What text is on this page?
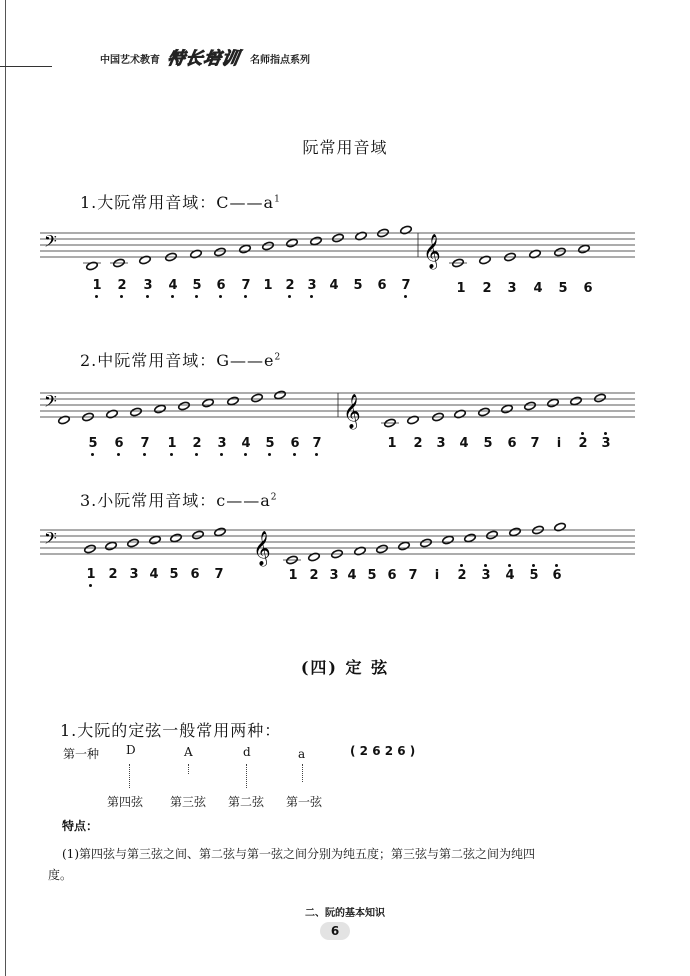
中国艺术教育 特长培训 名师指点系列
阮常用音域
1.大阮常用音域：$C——a^1$
𝄢	𝄞
1 2 3 4 5 6 7 1 2 3 4 5 6 7	1 2 3 4 5 6
2.中阮常用音域：$G——e^2$
𝄢	𝄞
5 6 7 1 2 3 4 5 6 7	1 2 3 4 5 6 7	i	2 3
3.小阮常用音域：$c——a^2$
𝄢	𝄞
1 2 3 4 5 6 7	1 2 3 4 5 6 7	i	2 3 4 5 6
(四) 定 弦
1.大阮的定弦一般常用两种：
第一种 D	A	d	a	( 2 6 2 6 )
第四弦 第三弦 第二弦 第一弦
特点：
(1)第四弦与第三弦之间、第二弦与第一弦之间分别为纯五度；第三弦与第二弦之间为纯四
度。
二、阮的基本知识
6
